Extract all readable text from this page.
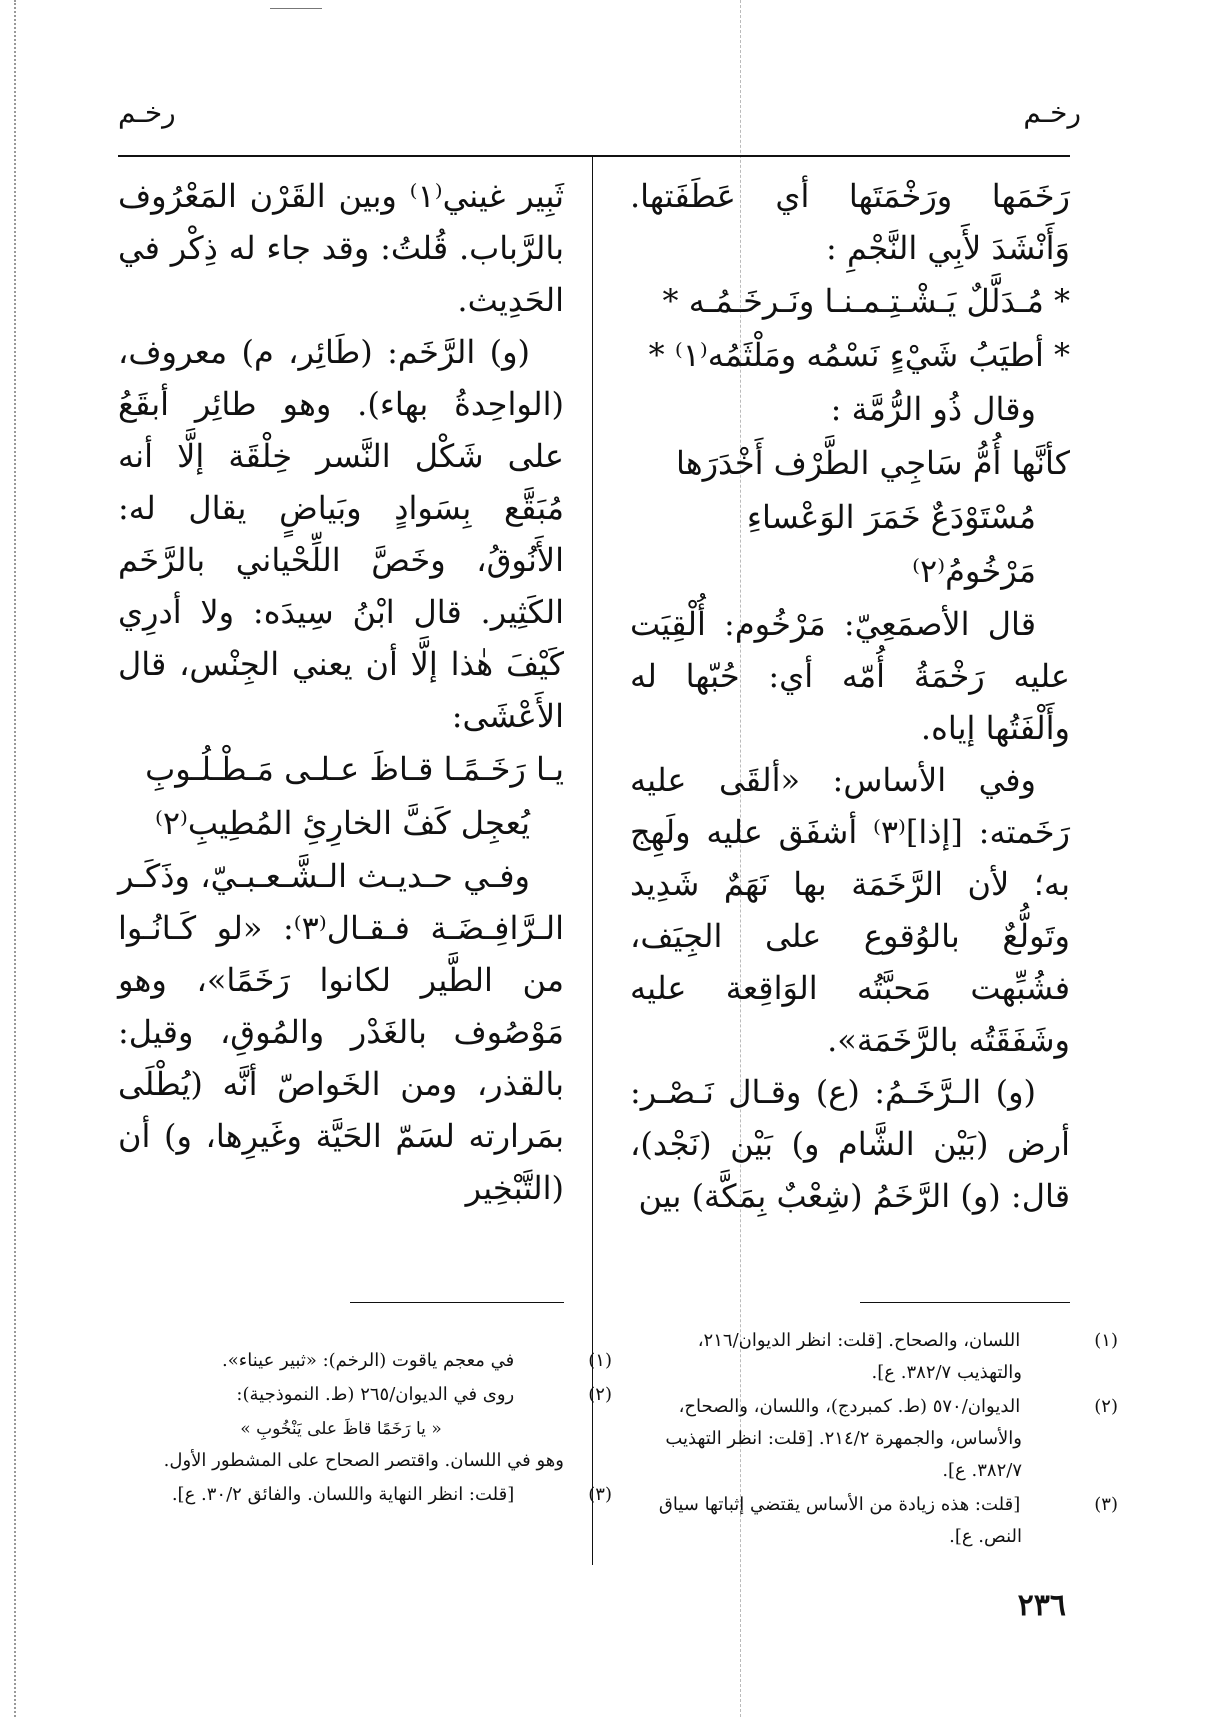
رخـم	رخـم

رَخَمَها ورَخْمَتَها أي عَطَفَتها. وَأَنْشَدَ لأَبِي النَّجْمِ :

* مُـدَلَّلٌ يَـشْـتِـمـنـا ونَـرخَـمُـه *

* أطيَبُ شَيْءٍ نَسْمُه ومَلْثَمُه⁽١⁾ *

وقال ذُو الرُّمَّة :

كأنَّها أُمُّ سَاجِي الطَّرْف أَخْدَرَها

مُسْتَوْدَعٌ خَمَرَ الوَعْساءِ مَرْخُومُ⁽٢⁾

قال الأصمَعِيّ: مَرْخُوم: أُلْقِيَت عليه رَخْمَةُ أُمّه أي: حُبّها له وأَلْفَتُها إياه.

وفي الأساس: «ألقَى عليه رَخَمته: [إذا]⁽٣⁾ أشفَق عليه ولَهِج به؛ لأن الرَّخَمَة بها نَهَمٌ شَدِيد وتَولُّعٌ بالوُقوع على الجِيَف، فشُبِّهت مَحبَّتُه الوَاقِعة عليه وشَفَقَتُه بالرَّخَمَة».

(و) الـرَّخَـمُ: (ع) وقـال نَـصْـر: أرض (بَيْن الشَّام و) بَيْن (نَجْد)، قال: (و) الرَّخَمُ (شِعْبٌ بِمَكَّة) بين

ثَبِير غيني⁽١⁾ وبين القَرْن المَعْرُوف بالرَّباب. قُلتُ: وقد جاء له ذِكْر في الحَدِيث.

(و) الرَّخَم: (طَائِر، م) معروف، (الواحِدةُ بهاء). وهو طائِر أبقَعُ على شَكْل النَّسر خِلْقَة إلَّا أنه مُبَقَّع بِسَوادٍ وبَياضٍ يقال له: الأَنُوقُ، وخَصَّ اللِّحْياني بالرَّخَم الكَثِير. قال ابْنُ سِيدَه: ولا أدرِي كَيْفَ هٰذا إلَّا أن يعني الجِنْس، قال الأَعْشَى:

يـا رَخَـمًـا قـاظَ عـلـى مَـطْـلُـوبِ

يُعجِل كَفَّ الخارِئِ المُطِيبِ⁽٢⁾

وفـي حـديـث الـشَّـعـبـيّ، وذَكَـر الـرَّافِـضَـة فـقـال⁽٣⁾: «لو كَـانُـوا من الطَّير لكانوا رَخَمًا»، وهو مَوْصُوف بالغَدْر والمُوقِ، وقيل: بالقذر، ومن الخَواصّ أنَّه (يُطْلَى بمَرارته لسَمّ الحَيَّة وغَيرِها، و) أن (التَّبْخِير

(١) اللسان، والصحاح. [قلت: انظر الديوان/٢١٦، والتهذيب ٣٨٢/٧. ع].

(٢) الديوان/٥٧٠ (ط. كمبردج)، واللسان، والصحاح، والأساس، والجمهرة ٢١٤/٢. [قلت: انظر التهذيب ٣٨٢/٧. ع].

(٣) [قلت: هذه زيادة من الأساس يقتضي إثباتها سياق النص. ع].

(١) في معجم ياقوت (الرخم): «ثبير عيناء».

(٢) روى في الديوان/٢٦٥ (ط. النموذجية):

« يا رَخَمًا قاظَ على يَنْخُوبِ »

وهو في اللسان. واقتصر الصحاح على المشطور الأول.

(٣) [قلت: انظر النهاية واللسان. والفائق ٣٠/٢. ع].

٢٣٦
